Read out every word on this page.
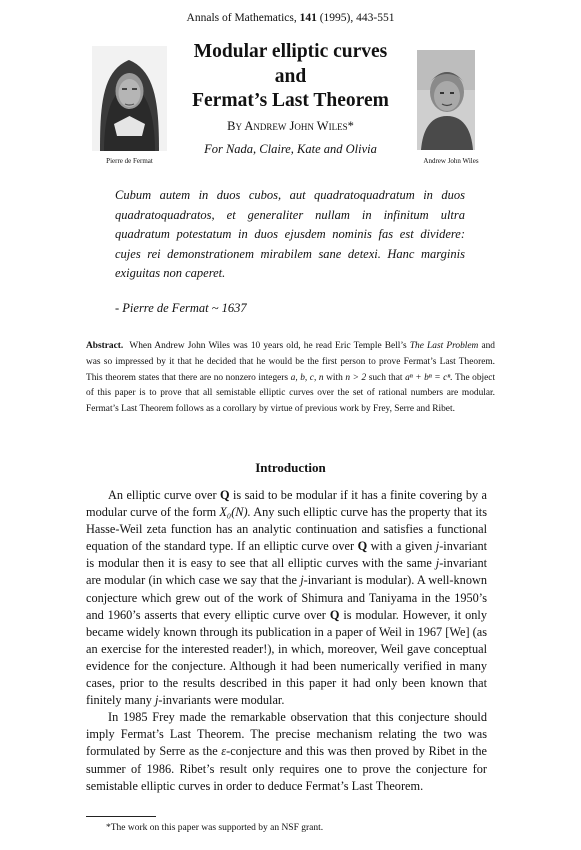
Annals of Mathematics, 141 (1995), 443-551
Pierre de Fermat	Andrew John Wiles
Modular elliptic curves
and
Fermat’s Last Theorem
By Andrew John Wiles*
For Nada, Claire, Kate and Olivia
Cubum autem in duos cubos, aut quadratoquadratum in duos quadratoquadratos, et generaliter nullam in infinitum ultra quadratum potestatum in duos ejusdem nominis fas est dividere: cujes rei demonstrationem mirabilem sane detexi. Hanc marginis exiguitas non caperet.
- Pierre de Fermat ~ 1637
Abstract. When Andrew John Wiles was 10 years old, he read Eric Temple Bell’s The Last Problem and was so impressed by it that he decided that he would be the first person to prove Fermat’s Last Theorem. This theorem states that there are no nonzero integers a, b, c, n with n > 2 such that aⁿ + bⁿ = cⁿ. The object of this paper is to prove that all semistable elliptic curves over the set of rational numbers are modular. Fermat’s Last Theorem follows as a corollary by virtue of previous work by Frey, Serre and Ribet.
Introduction

An elliptic curve over Q is said to be modular if it has a finite covering by a modular curve of the form X₀(N). Any such elliptic curve has the property that its Hasse-Weil zeta function has an analytic continuation and satisfies a functional equation of the standard type. If an elliptic curve over Q with a given j-invariant is modular then it is easy to see that all elliptic curves with the same j-invariant are modular (in which case we say that the j-invariant is modular). A well-known conjecture which grew out of the work of Shimura and Taniyama in the 1950’s and 1960’s asserts that every elliptic curve over Q is modular. However, it only became widely known through its publication in a paper of Weil in 1967 [We] (as an exercise for the interested reader!), in which, moreover, Weil gave conceptual evidence for the conjecture. Although it had been numerically verified in many cases, prior to the results described in this paper it had only been known that finitely many j-invariants were modular.

In 1985 Frey made the remarkable observation that this conjecture should imply Fermat’s Last Theorem. The precise mechanism relating the two was formulated by Serre as the ε-conjecture and this was then proved by Ribet in the summer of 1986. Ribet’s result only requires one to prove the conjecture for semistable elliptic curves in order to deduce Fermat’s Last Theorem.

*The work on this paper was supported by an NSF grant.
